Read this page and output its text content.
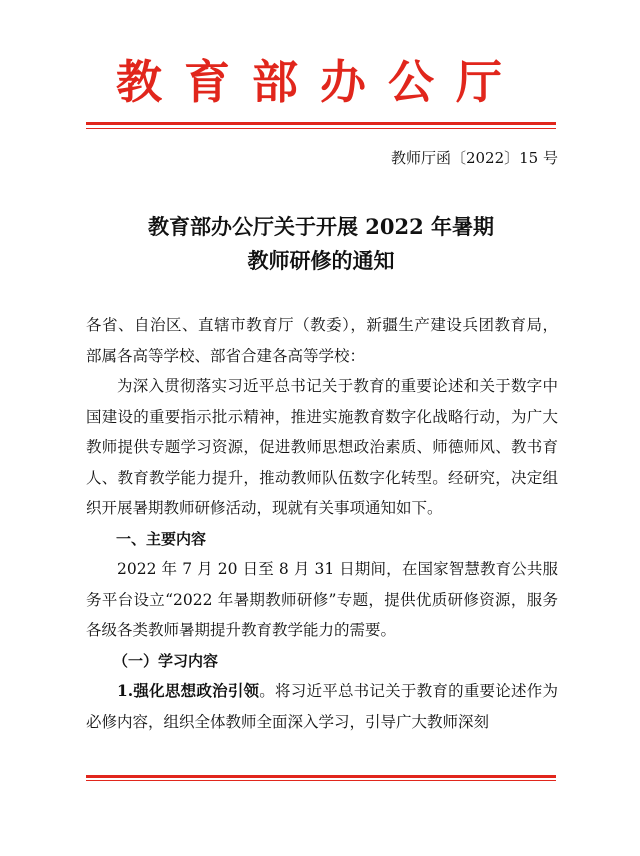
教育部办公厅
教师厅函〔2022〕15 号
教育部办公厅关于开展 2022 年暑期
教师研修的通知

各省、自治区、直辖市教育厅（教委），新疆生产建设兵团教育局，部属各高等学校、部省合建各高等学校：

为深入贯彻落实习近平总书记关于教育的重要论述和关于数字中国建设的重要指示批示精神，推进实施教育数字化战略行动，为广大教师提供专题学习资源，促进教师思想政治素质、师德师风、教书育人、教育教学能力提升，推动教师队伍数字化转型。经研究，决定组织开展暑期教师研修活动，现就有关事项通知如下。

一、主要内容

2022 年 7 月 20 日至 8 月 31 日期间，在国家智慧教育公共服务平台设立“2022 年暑期教师研修”专题，提供优质研修资源，服务各级各类教师暑期提升教育教学能力的需要。

（一）学习内容

1.强化思想政治引领。将习近平总书记关于教育的重要论述作为必修内容，组织全体教师全面深入学习，引导广大教师深刻
